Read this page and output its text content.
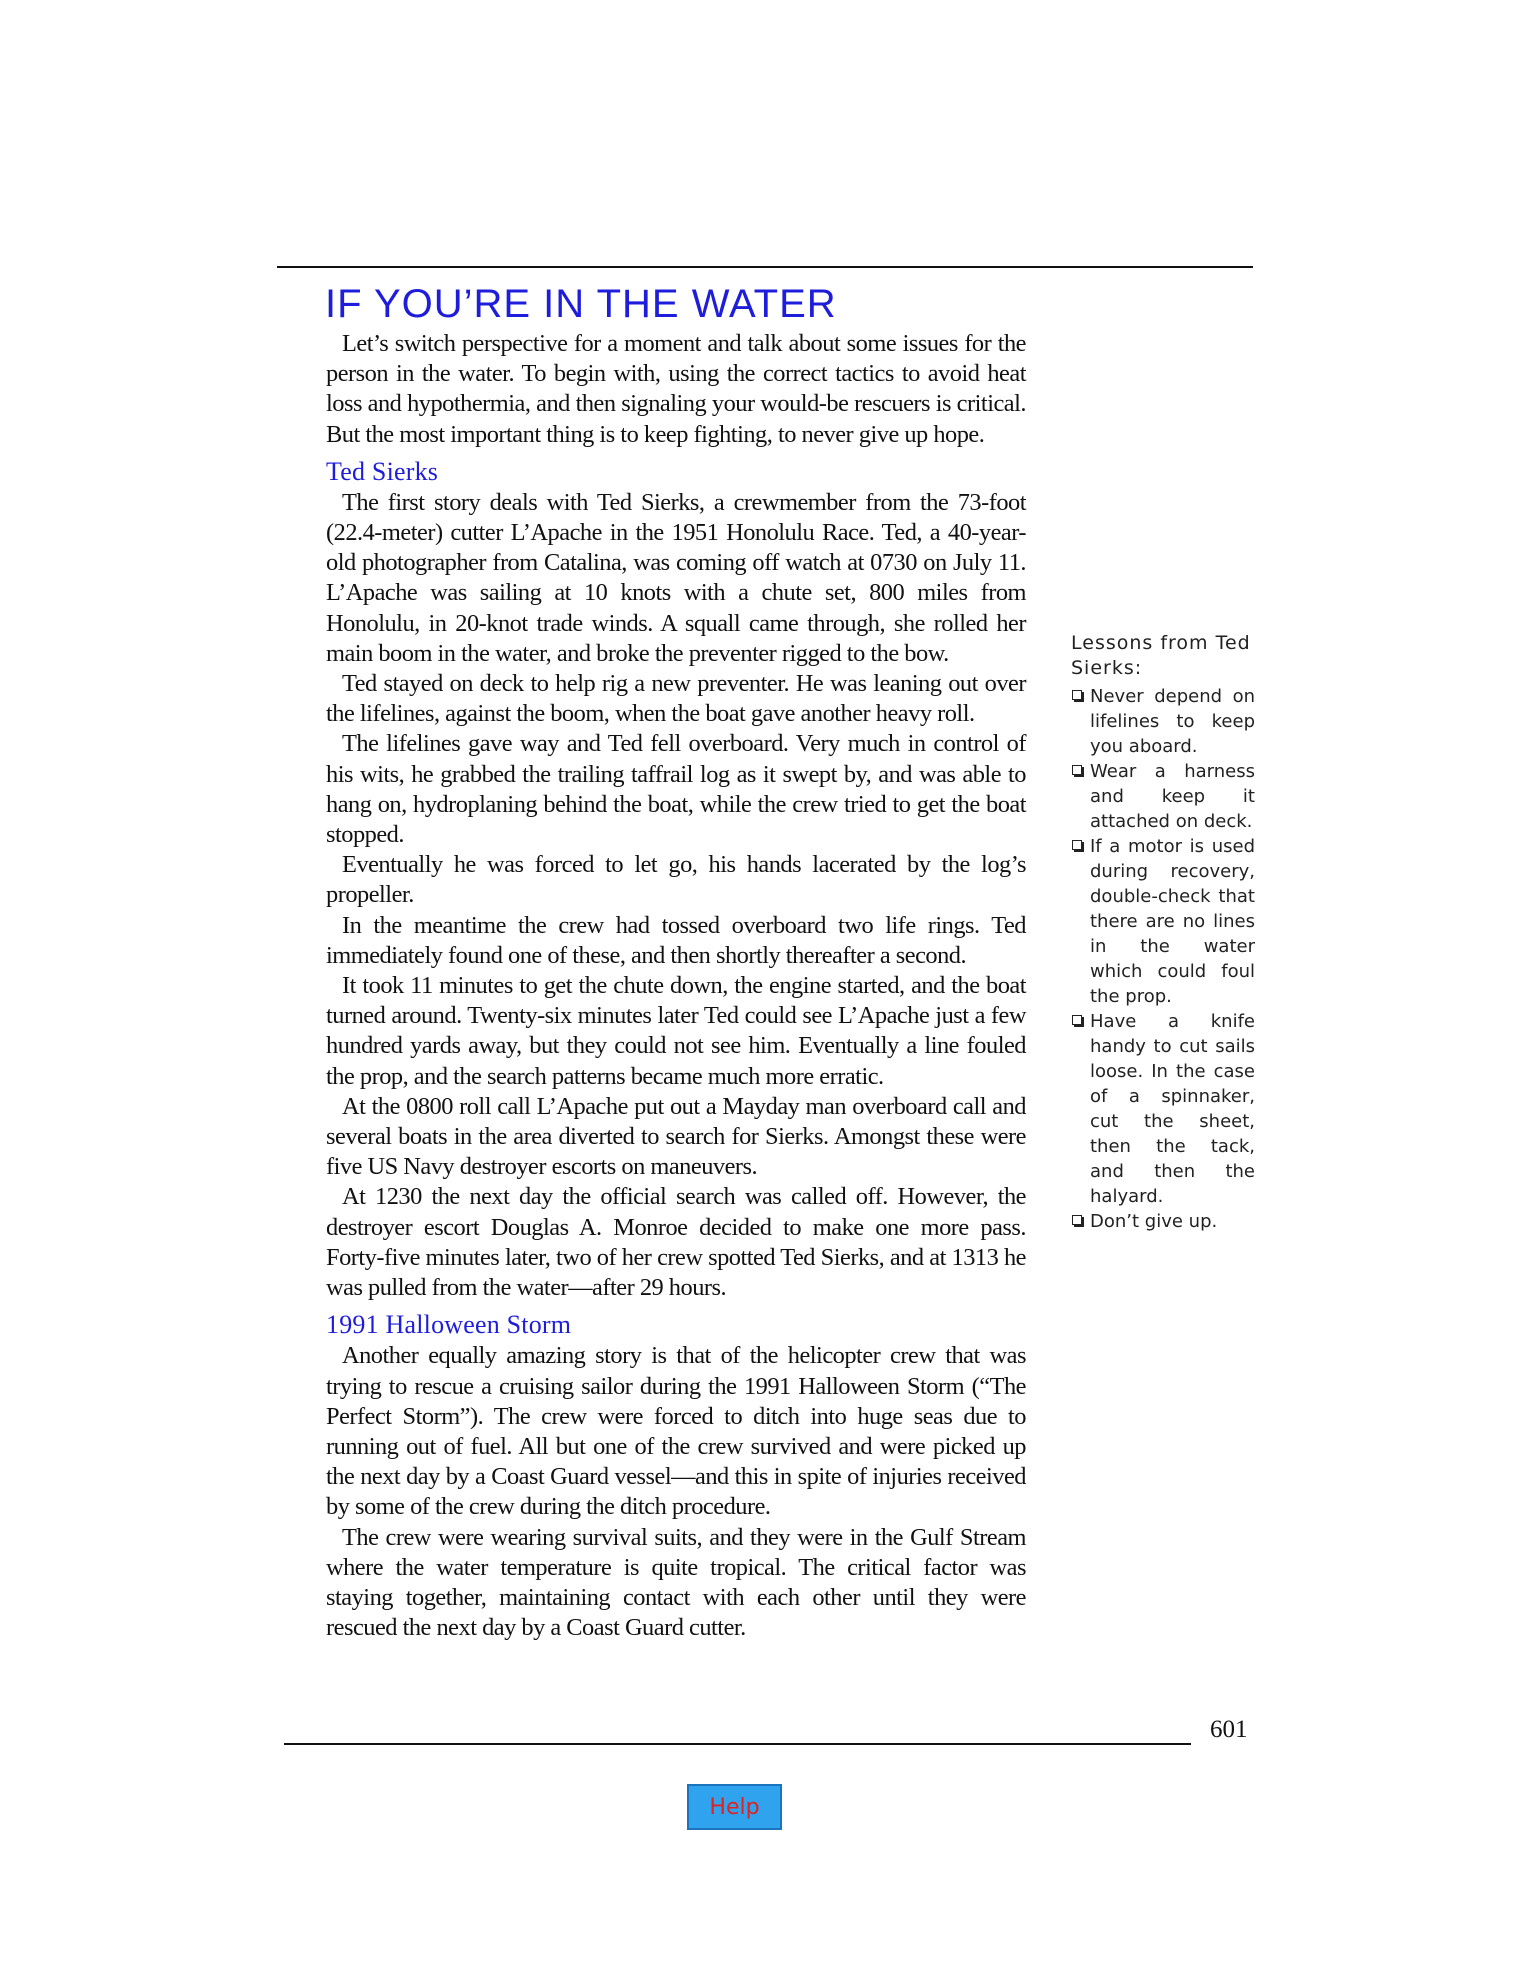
IF YOU’RE IN THE WATER

Let’s switch perspective for a moment and talk about some issues for the person in the water. To begin with, using the correct tactics to avoid heat loss and hypothermia, and then signaling your would-be rescuers is critical. But the most important thing is to keep fighting, to never give up hope.

Ted Sierks

The first story deals with Ted Sierks, a crewmember from the 73-foot (22.4-meter) cutter L’Apache in the 1951 Honolulu Race. Ted, a 40-year-old photographer from Catalina, was coming off watch at 0730 on July 11. L’Apache was sailing at 10 knots with a chute set, 800 miles from Honolulu, in 20-knot trade winds. A squall came through, she rolled her main boom in the water, and broke the preventer rigged to the bow.

Ted stayed on deck to help rig a new preventer. He was leaning out over the lifelines, against the boom, when the boat gave another heavy roll.

The lifelines gave way and Ted fell overboard. Very much in control of his wits, he grabbed the trailing taffrail log as it swept by, and was able to hang on, hydroplaning behind the boat, while the crew tried to get the boat stopped.

Eventually he was forced to let go, his hands lacerated by the log’s propeller.

In the meantime the crew had tossed overboard two life rings. Ted immediately found one of these, and then shortly thereafter a second.

It took 11 minutes to get the chute down, the engine started, and the boat turned around. Twenty-six minutes later Ted could see L’Apache just a few hundred yards away, but they could not see him. Eventually a line fouled the prop, and the search patterns became much more erratic.

At the 0800 roll call L’Apache put out a Mayday man overboard call and several boats in the area diverted to search for Sierks. Amongst these were five US Navy destroyer escorts on maneuvers.

At 1230 the next day the official search was called off. However, the destroyer escort Douglas A. Monroe decided to make one more pass. Forty-five minutes later, two of her crew spotted Ted Sierks, and at 1313 he was pulled from the water—after 29 hours.

1991 Halloween Storm

Another equally amazing story is that of the helicopter crew that was trying to rescue a cruising sailor during the 1991 Halloween Storm (“The Perfect Storm”). The crew were forced to ditch into huge seas due to running out of fuel. All but one of the crew survived and were picked up the next day by a Coast Guard vessel—and this in spite of injuries received by some of the crew during the ditch procedure.

The crew were wearing survival suits, and they were in the Gulf Stream where the water temperature is quite tropical. The critical factor was staying together, maintaining contact with each other until they were rescued the next day by a Coast Guard cutter.

Lessons from Ted Sierks:
Never depend on lifelines to keep you aboard.
Wear a harness and keep it attached on deck.
If a motor is used during recovery, double-check that there are no lines in the water which could foul the prop.
Have a knife handy to cut sails loose. In the case of a spinnaker, cut the sheet, then the tack, and then the halyard.
Don’t give up.
601
Help
